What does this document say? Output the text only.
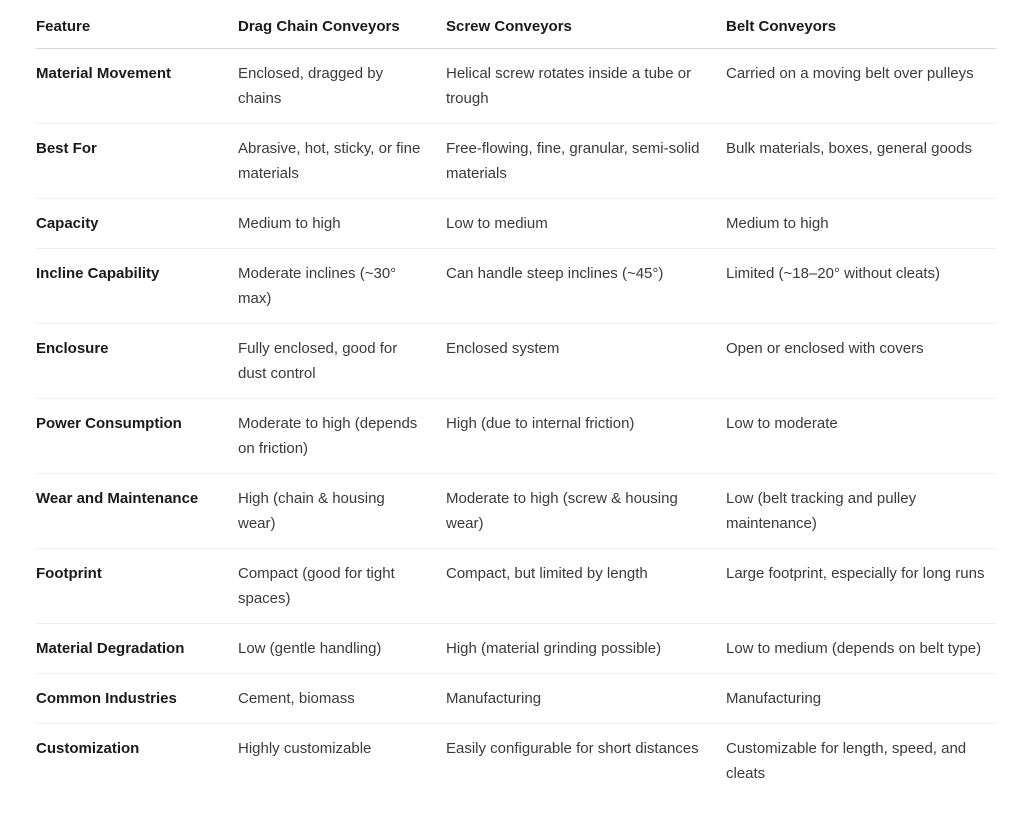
Feature	Drag Chain Conveyors	Screw Conveyors	Belt Conveyors
Material Movement	Enclosed, dragged by chains	Helical screw rotates inside a tube or trough	Carried on a moving belt over pulleys
Best For	Abrasive, hot, sticky, or fine materials	Free-flowing, fine, granular, semi-solid materials	Bulk materials, boxes, general goods
Capacity	Medium to high	Low to medium	Medium to high
Incline Capability	Moderate inclines (~30° max)	Can handle steep inclines (~45°)	Limited (~18–20° without cleats)
Enclosure	Fully enclosed, good for dust control	Enclosed system	Open or enclosed with covers
Power Consumption	Moderate to high (depends on friction)	High (due to internal friction)	Low to moderate
Wear and Maintenance	High (chain & housing wear)	Moderate to high (screw & housing wear)	Low (belt tracking and pulley maintenance)
Footprint	Compact (good for tight spaces)	Compact, but limited by length	Large footprint, especially for long runs
Material Degradation	Low (gentle handling)	High (material grinding possible)	Low to medium (depends on belt type)
Common Industries	Cement, biomass	Manufacturing	Manufacturing
Customization	Highly customizable	Easily configurable for short distances	Customizable for length, speed, and cleats
